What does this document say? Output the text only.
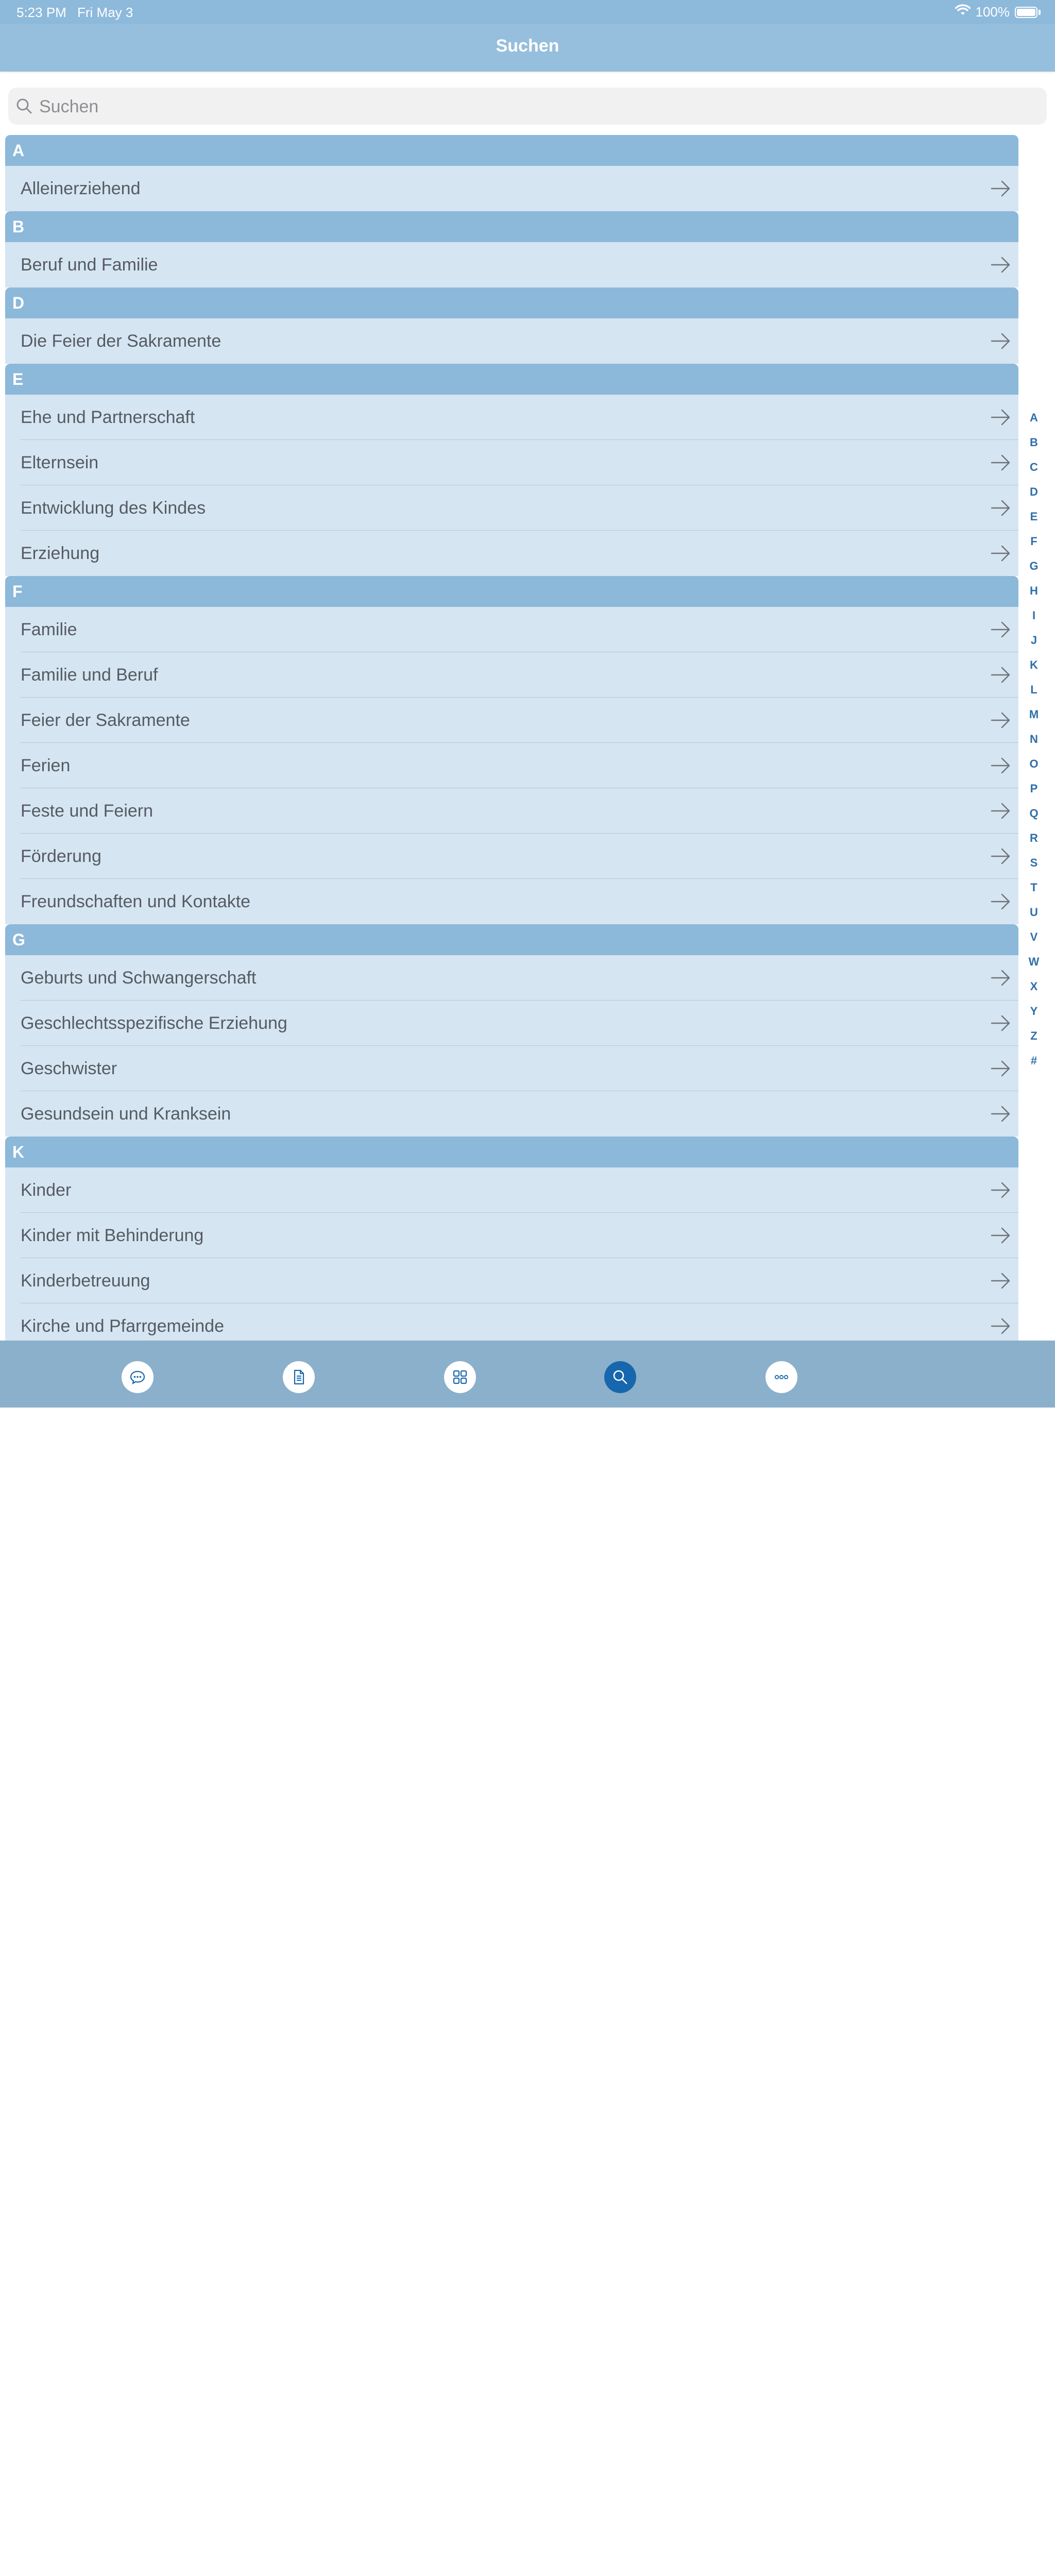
5:23 PM Fri May 3	100%
Suchen
Suchen
A
Alleinerziehend
B
Beruf und Familie
D
Die Feier der Sakramente
E
Ehe und Partnerschaft
Elternsein
Entwicklung des Kindes
Erziehung
F
Familie
Familie und Beruf
Feier der Sakramente
Ferien
Feste und Feiern
Förderung
Freundschaften und Kontakte
G
Geburts und Schwangerschaft
Geschlechtsspezifische Erziehung
Geschwister
Gesundsein und Kranksein
K
Kinder
Kinder mit Behinderung
Kinderbetreuung
Kirche und Pfarrgemeinde
A
B
C
D
E
F
G
H
I
J
K
L
M
N
O
P
Q
R
S
T
U
V
W
X
Y
Z
#
